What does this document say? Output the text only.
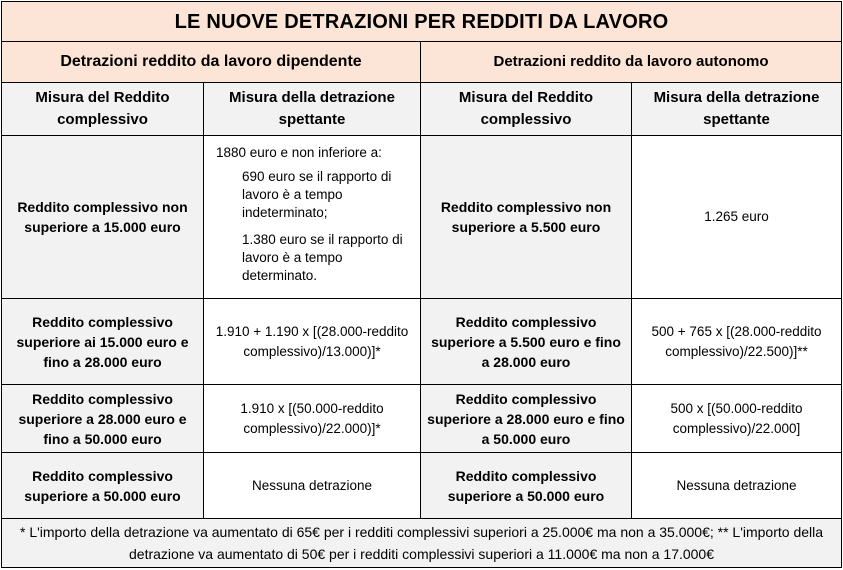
LE NUOVE DETRAZIONI PER REDDITI DA LAVORO			
Detrazioni reddito da lavoro dipendente		Detrazioni reddito da lavoro autonomo	
Misura del Reddito complessivo	Misura della detrazione spettante	Misura del Reddito complessivo	Misura della detrazione spettante
Reddito complessivo non superiore a 15.000 euro	1880 euro e non inferiore a:
690 euro se il rapporto di lavoro è a tempo indeterminato;
1.380 euro se il rapporto di lavoro è a tempo determinato.	Reddito complessivo non superiore a 5.500 euro	1.265 euro
Reddito complessivo superiore ai 15.000 euro e fino a 28.000 euro	1.910 + 1.190 x [(28.000-reddito complessivo)/13.000)]*	Reddito complessivo superiore a 5.500 euro e fino a 28.000 euro	500 + 765 x [(28.000-reddito complessivo)/22.500)]**
Reddito complessivo superiore a 28.000 euro e fino a 50.000 euro	1.910 x [(50.000-reddito complessivo)/22.000)]*	Reddito complessivo superiore a 28.000 euro e fino a 50.000 euro	500 x [(50.000-reddito complessivo)/22.000]
Reddito complessivo superiore a 50.000 euro	Nessuna detrazione	Reddito complessivo superiore a 50.000 euro	Nessuna detrazione
* L'importo della detrazione va aumentato di 65€ per i redditi complessivi superiori a 25.000€ ma non a 35.000€; ** L'importo della detrazione va aumentato di 50€ per i redditi complessivi superiori a 11.000€ ma non a 17.000€			
